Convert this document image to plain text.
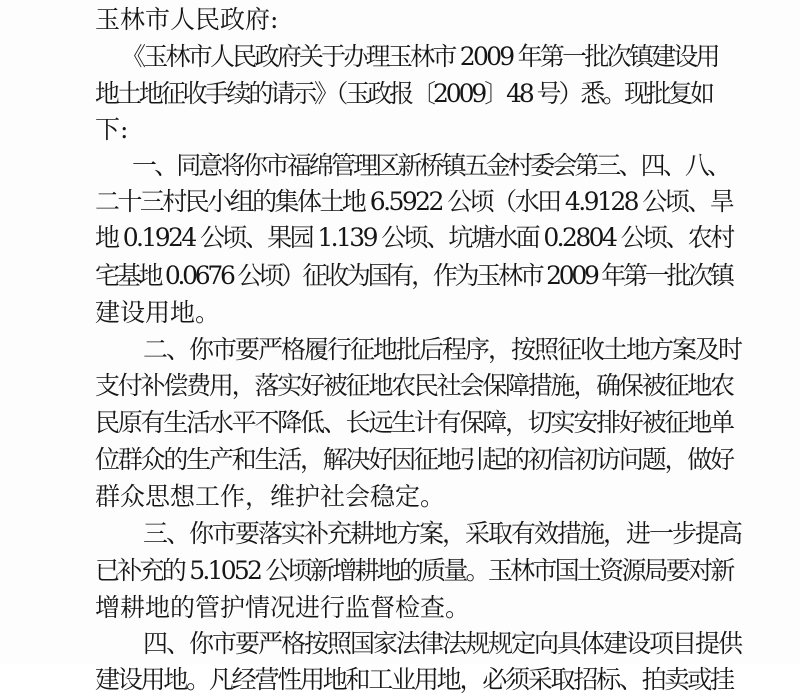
玉林市人民政府:
《玉林市人民政府关于办理玉林市 2009 年第一批次镇建设用
地土地征收手续的请示》（玉政报〔2009〕48 号）悉。现批复如
下:
一、同意将你市福绵管理区新桥镇五金村委会第三、四、八、
二十三村民小组的集体土地 6.5922 公顷（水田 4.9128 公顷、旱
地 0.1924 公顷、果园 1.139 公顷、坑塘水面 0.2804 公顷、农村
宅基地 0.0676 公顷）征收为国有，作为玉林市 2009 年第一批次镇
建设用地。
二、你市要严格履行征地批后程序，按照征收土地方案及时
支付补偿费用，落实好被征地农民社会保障措施，确保被征地农
民原有生活水平不降低、长远生计有保障，切实安排好被征地单
位群众的生产和生活，解决好因征地引起的初信初访问题，做好
群众思想工作，维护社会稳定。
三、你市要落实补充耕地方案，采取有效措施，进一步提高
已补充的 5.1052 公顷新增耕地的质量。玉林市国土资源局要对新
增耕地的管护情况进行监督检查。
四、你市要严格按照国家法律法规规定向具体建设项目提供
建设用地。凡经营性用地和工业用地，必须采取招标、拍卖或挂
